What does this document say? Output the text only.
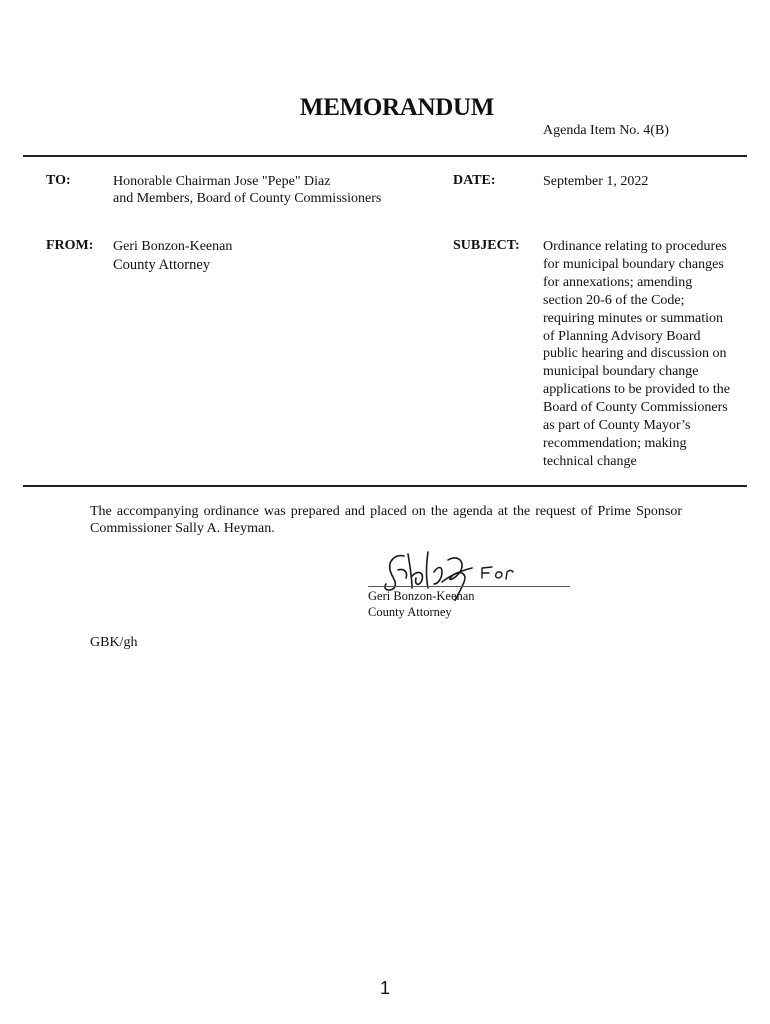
MEMORANDUM
Agenda Item No. 4(B)
TO:	Honorable Chairman Jose "Pepe" Diaz
and Members, Board of County Commissioners
DATE:	September 1, 2022
FROM: Geri Bonzon-Keenan
County Attorney
SUBJECT: Ordinance relating to procedures
for municipal boundary changes
for annexations; amending
section 20-6 of the Code;
requiring minutes or summation
of Planning Advisory Board
public hearing and discussion on
municipal boundary change
applications to be provided to the
Board of County Commissioners
as part of County Mayor’s
recommendation; making
technical change
The accompanying ordinance was prepared and placed on the agenda at the request of Prime Sponsor Commissioner Sally A. Heyman.
Geri Bonzon-Keenan
County Attorney
GBK/gh
1
